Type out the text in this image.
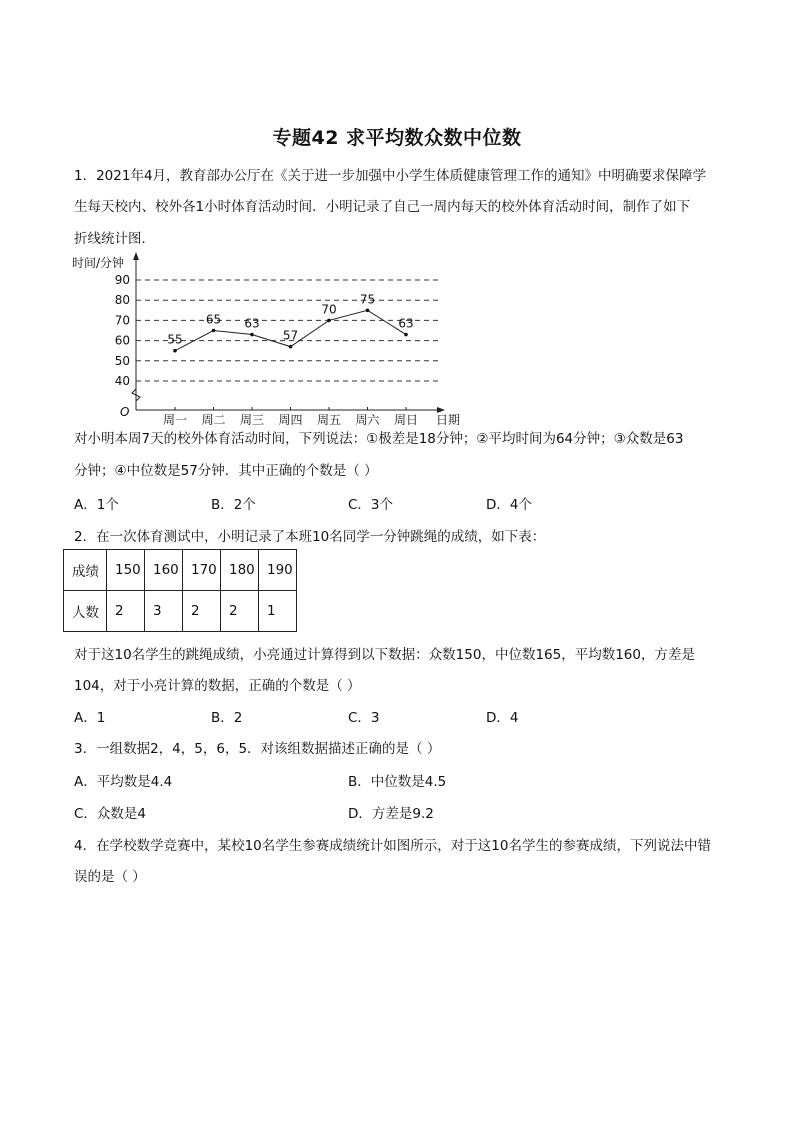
专题42 求平均数众数中位数
1．2021年4月，教育部办公厅在《关于进一步加强中小学生体质健康管理工作的通知》中明确要求保障学
生每天校内、校外各1小时体育活动时间．小明记录了自己一周内每天的校外体育活动时间，制作了如下
折线统计图．
40
50
60
70
80
90
时间/分钟
O
周一 周二 周三 周四 周五 周六 周日 日期
55
65 63
57
70
75
63
对小明本周7天的校外体育活动时间，下列说法：①极差是18分钟；②平均时间为64分钟；③众数是63
分钟；④中位数是57分钟．其中正确的个数是（ ）
A．1个	B．2个	C．3个	D．4个
2．在一次体育测试中，小明记录了本班10名同学一分钟跳绳的成绩，如下表：
成绩	150	160	170	180	190
人数	2	3	2	2	1
对于这10名学生的跳绳成绩，小亮通过计算得到以下数据：众数150，中位数165，平均数160，方差是
104，对于小亮计算的数据，正确的个数是（ ）
A．1	B．2	C．3	D．4
3．一组数据2，4，5，6，5．对该组数据描述正确的是（ ）
A．平均数是4.4	B．中位数是4.5
C．众数是4	D．方差是9.2
4．在学校数学竞赛中，某校10名学生参赛成绩统计如图所示，对于这10名学生的参赛成绩，下列说法中错
误的是（ ）
